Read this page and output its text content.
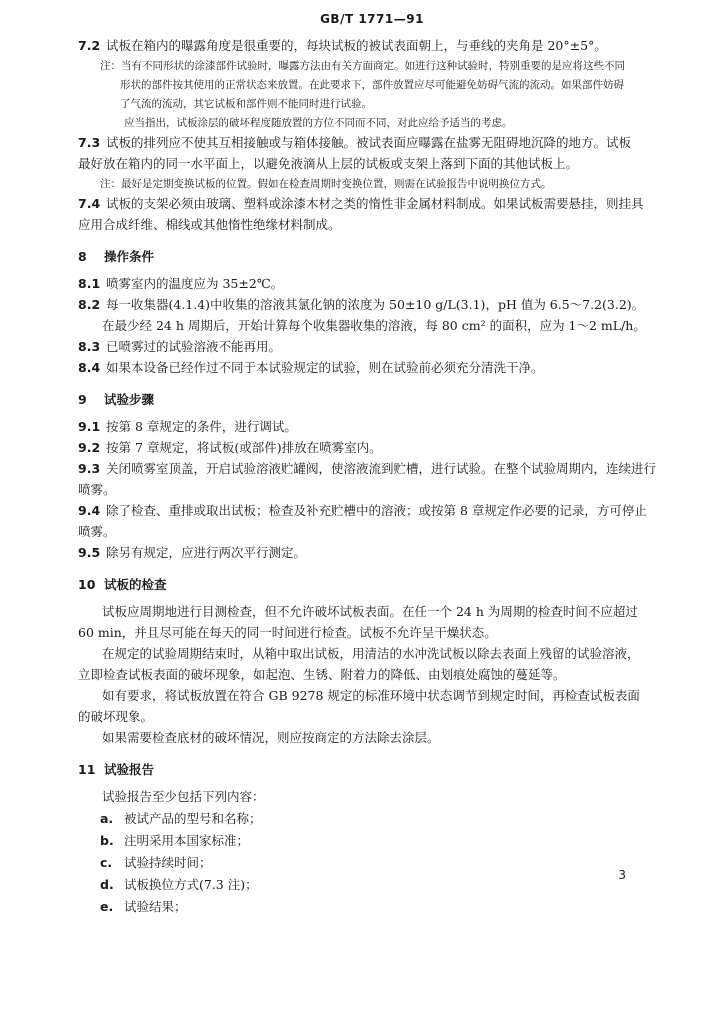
GB/T 1771—91
7.2 试板在箱内的曝露角度是很重要的，每块试板的被试表面朝上，与垂线的夹角是 20°±5°。
注：当有不同形状的涂漆部件试验时，曝露方法由有关方面商定。如进行这种试验时，特别重要的是应将这些不同
形状的部件按其使用的正常状态来放置。在此要求下，部件放置应尽可能避免妨碍气流的流动。如果部件妨碍
了气流的流动，其它试板和部件则不能同时进行试验。
应当指出，试板涂层的破坏程度随放置的方位不同而不同，对此应给予适当的考虑。
7.3 试板的排列应不使其互相接触或与箱体接触。被试表面应曝露在盐雾无阻碍地沉降的地方。试板
最好放在箱内的同一水平面上，以避免液滴从上层的试板或支架上落到下面的其他试板上。
注：最好是定期变换试板的位置。假如在检查周期时变换位置，则需在试验报告中说明换位方式。
7.4 试板的支架必须由玻璃、塑料或涂漆木材之类的惰性非金属材料制成。如果试板需要悬挂，则挂具
应用合成纤维、棉线或其他惰性绝缘材料制成。
8 操作条件
8.1 喷雾室内的温度应为 35±2℃。
8.2 每一收集器(4.1.4)中收集的溶液其氯化钠的浓度为 50±10 g/L(3.1)，pH 值为 6.5～7.2(3.2)。
在最少经 24 h 周期后，开始计算每个收集器收集的溶液，每 80 cm² 的面积，应为 1～2 mL/h。
8.3 已喷雾过的试验溶液不能再用。
8.4 如果本设备已经作过不同于本试验规定的试验，则在试验前必须充分清洗干净。
9 试验步骤
9.1 按第 8 章规定的条件，进行调试。
9.2 按第 7 章规定，将试板(或部件)排放在喷雾室内。
9.3 关闭喷雾室顶盖，开启试验溶液贮罐阀，使溶液流到贮槽，进行试验。在整个试验周期内，连续进行
喷雾。
9.4 除了检查、重排或取出试板；检查及补充贮槽中的溶液；或按第 8 章规定作必要的记录，方可停止
喷雾。
9.5 除另有规定，应进行两次平行测定。
10 试板的检查
试板应周期地进行目测检查，但不允许破坏试板表面。在任一个 24 h 为周期的检查时间不应超过
60 min，并且尽可能在每天的同一时间进行检查。试板不允许呈干燥状态。
在规定的试验周期结束时，从箱中取出试板，用清洁的水冲洗试板以除去表面上残留的试验溶液，
立即检查试板表面的破坏现象，如起泡、生锈、附着力的降低、由划痕处腐蚀的蔓延等。
如有要求，将试板放置在符合 GB 9278 规定的标准环境中状态调节到规定时间，再检查试板表面
的破坏现象。
如果需要检查底材的破坏情况，则应按商定的方法除去涂层。
11 试验报告
试验报告至少包括下列内容：
a. 被试产品的型号和名称；
b. 注明采用本国家标准；
c. 试验持续时间；
d. 试板换位方式(7.3 注)；
e. 试验结果；
3
